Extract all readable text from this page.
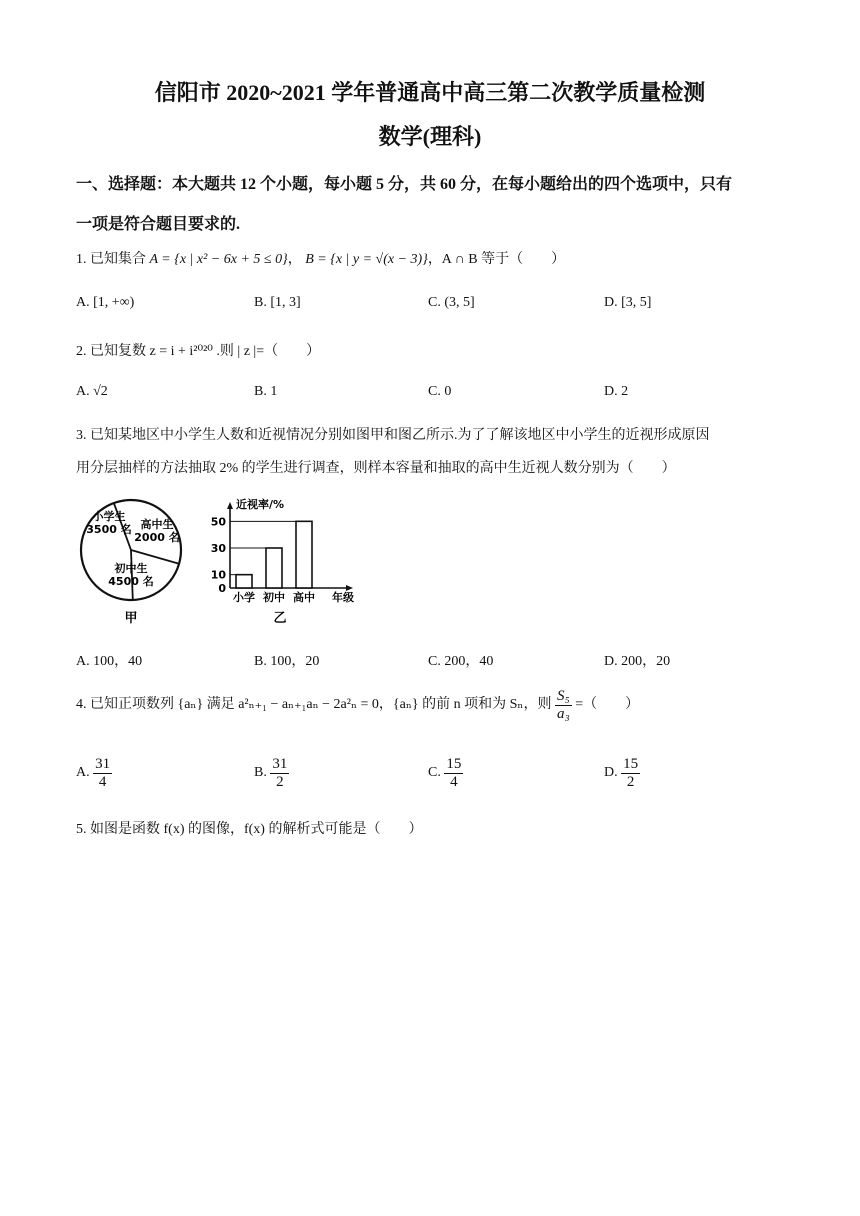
信阳市 2020~2021 学年普通高中高三第二次教学质量检测
数学(理科)
一、选择题：本大题共 12 个小题，每小题 5 分，共 60 分，在每小题给出的四个选项中，只有
一项是符合题目要求的.
1. 已知集合 A = {x | x² − 6x + 5 ≤ 0}， B = {x | y = √(x − 3)}，A ∩ B 等于（　　）
A. [1, +∞)	B. [1, 3]	C. (3, 5]	D. [3, 5]
2. 已知复数 z = i + i²⁰²⁰ .则 | z |=（　　）
A. √2	B. 1	C. 0	D. 2
3. 已知某地区中小学生人数和近视情况分别如图甲和图乙所示.为了了解该地区中小学生的近视形成原因
用分层抽样的方法抽取 2% 的学生进行调查，则样本容量和抽取的高中生近视人数分别为（　　）
小学生
3500 名 高中生
2000 名
初中生
4500 名
甲
近视率/%
年级
0
10
30
50
小学 初中 高中
乙
A. 100，40	B. 100，20	C. 200，40	D. 200，20
4. 已知正项数列 {aₙ} 满足 a²ₙ₊₁ − aₙ₊₁aₙ − 2a²ₙ = 0，{aₙ} 的前 n 项和为 Sₙ，则 $\frac{\text{S₅}}{\text{a₃}}$ =（　　）
A. $\frac{31}{4}$	B. $\frac{31}{2}$	C. $\frac{15}{4}$	D. $\frac{15}{2}$
5. 如图是函数 f(x) 的图像，f(x) 的解析式可能是（　　）
